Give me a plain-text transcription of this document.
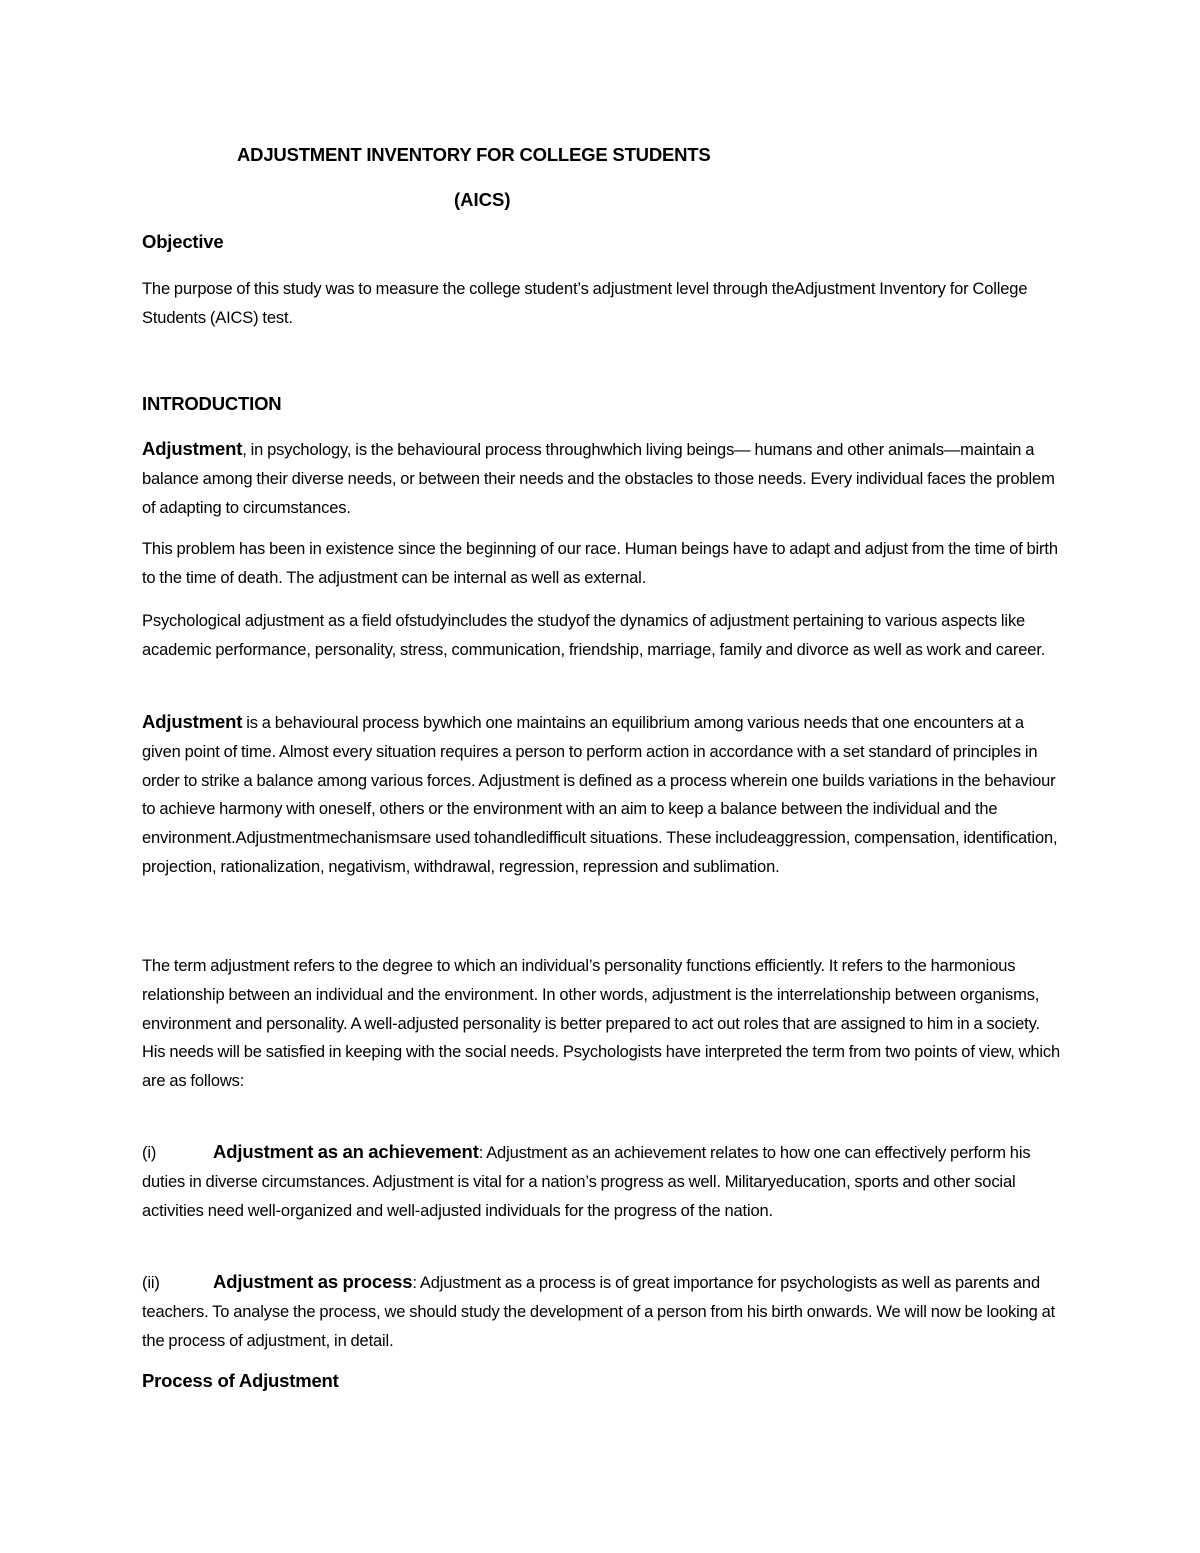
ADJUSTMENT INVENTORY FOR COLLEGE STUDENTS
(AICS)
Objective

The purpose of this study was to measure the college student’s adjustment level through theAdjustment Inventory for College Students (AICS) test.

INTRODUCTION

Adjustment, in psychology, is the behavioural process throughwhich living beings— humans and other animals—maintain a balance among their diverse needs, or between their needs and the obstacles to those needs. Every individual faces the problem of adapting to circumstances.

This problem has been in existence since the beginning of our race. Human beings have to adapt and adjust from the time of birth to the time of death. The adjustment can be internal as well as external.

Psychological adjustment as a field ofstudyincludes the studyof the dynamics of adjustment pertaining to various aspects like academic performance, personality, stress, communication, friendship, marriage, family and divorce as well as work and career.

Adjustment is a behavioural process bywhich one maintains an equilibrium among various needs that one encounters at a given point of time. Almost every situation requires a person to perform action in accordance with a set standard of principles in order to strike a balance among various forces. Adjustment is defined as a process wherein one builds variations in the behaviour to achieve harmony with oneself, others or the environment with an aim to keep a balance between the individual and the environment.Adjustmentmechanismsare used tohandledifficult situations. These includeaggression, compensation, identification, projection, rationalization, negativism, withdrawal, regression, repression and sublimation.

The term adjustment refers to the degree to which an individual’s personality functions efficiently. It refers to the harmonious relationship between an individual and the environment. In other words, adjustment is the interrelationship between organisms, environment and personality. A well-adjusted personality is better prepared to act out roles that are assigned to him in a society. His needs will be satisfied in keeping with the social needs. Psychologists have interpreted the term from two points of view, which are as follows:

(i)	Adjustment as an achievement: Adjustment as an achievement relates to how one can effectively perform his duties in diverse circumstances. Adjustment is vital for a nation’s progress as well. Militaryeducation, sports and other social activities need well-organized and well-adjusted individuals for the progress of the nation.

(ii)	Adjustment as process: Adjustment as a process is of great importance for psychologists as well as parents and teachers. To analyse the process, we should study the development of a person from his birth onwards. We will now be looking at the process of adjustment, in detail.

Process of Adjustment
